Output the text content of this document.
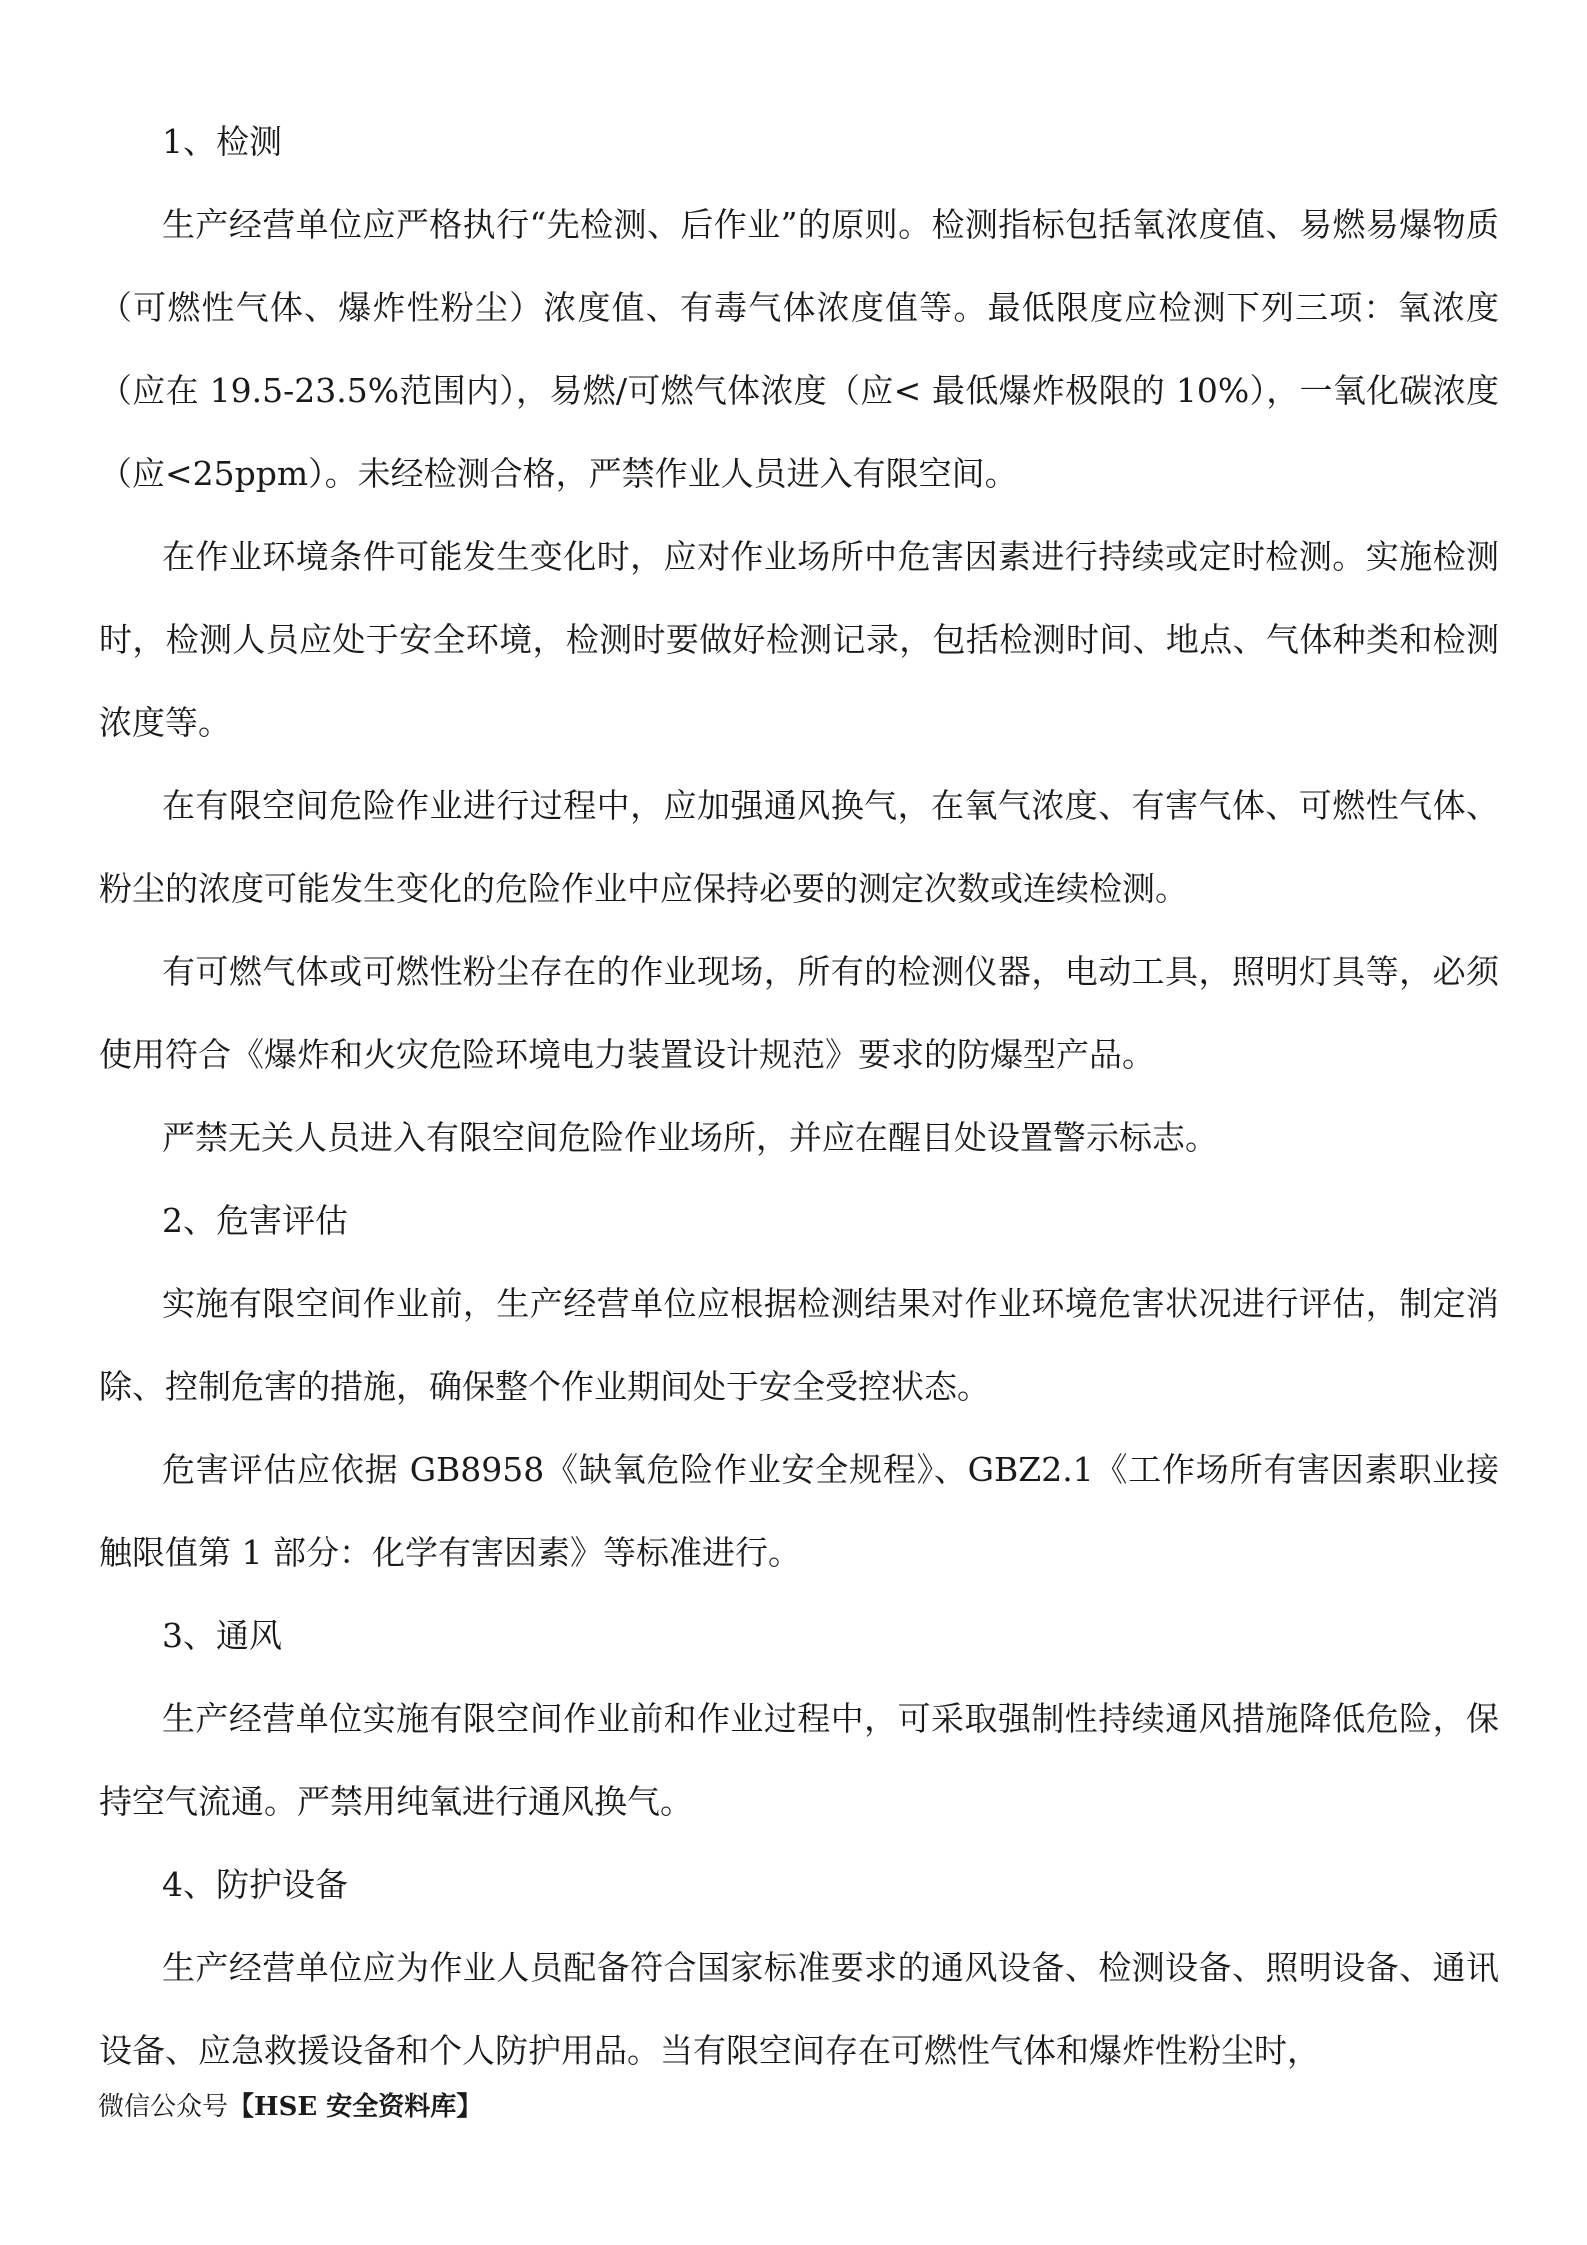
1、检测

生产经营单位应严格执行“先检测、后作业”的原则。检测指标包括氧浓度值、易燃易爆物质（可燃性气体、爆炸性粉尘）浓度值、有毒气体浓度值等。最低限度应检测下列三项：氧浓度（应在 19.5-23.5%范围内），易燃/可燃气体浓度（应< 最低爆炸极限的 10%），一氧化碳浓度（应<25ppm）。未经检测合格，严禁作业人员进入有限空间。

在作业环境条件可能发生变化时，应对作业场所中危害因素进行持续或定时检测。实施检测时，检测人员应处于安全环境，检测时要做好检测记录，包括检测时间、地点、气体种类和检测浓度等。

在有限空间危险作业进行过程中，应加强通风换气，在氧气浓度、有害气体、可燃性气体、粉尘的浓度可能发生变化的危险作业中应保持必要的测定次数或连续检测。

有可燃气体或可燃性粉尘存在的作业现场，所有的检测仪器，电动工具，照明灯具等，必须使用符合《爆炸和火灾危险环境电力装置设计规范》要求的防爆型产品。

严禁无关人员进入有限空间危险作业场所，并应在醒目处设置警示标志。

2、危害评估

实施有限空间作业前，生产经营单位应根据检测结果对作业环境危害状况进行评估，制定消除、控制危害的措施，确保整个作业期间处于安全受控状态。

危害评估应依据 GB8958《缺氧危险作业安全规程》、GBZ2.1《工作场所有害因素职业接触限值第 1 部分：化学有害因素》等标准进行。

3、通风

生产经营单位实施有限空间作业前和作业过程中，可采取强制性持续通风措施降低危险，保持空气流通。严禁用纯氧进行通风换气。

4、防护设备

生产经营单位应为作业人员配备符合国家标准要求的通风设备、检测设备、照明设备、通讯设备、应急救援设备和个人防护用品。当有限空间存在可燃性气体和爆炸性粉尘时，

微信公众号【HSE 安全资料库】
